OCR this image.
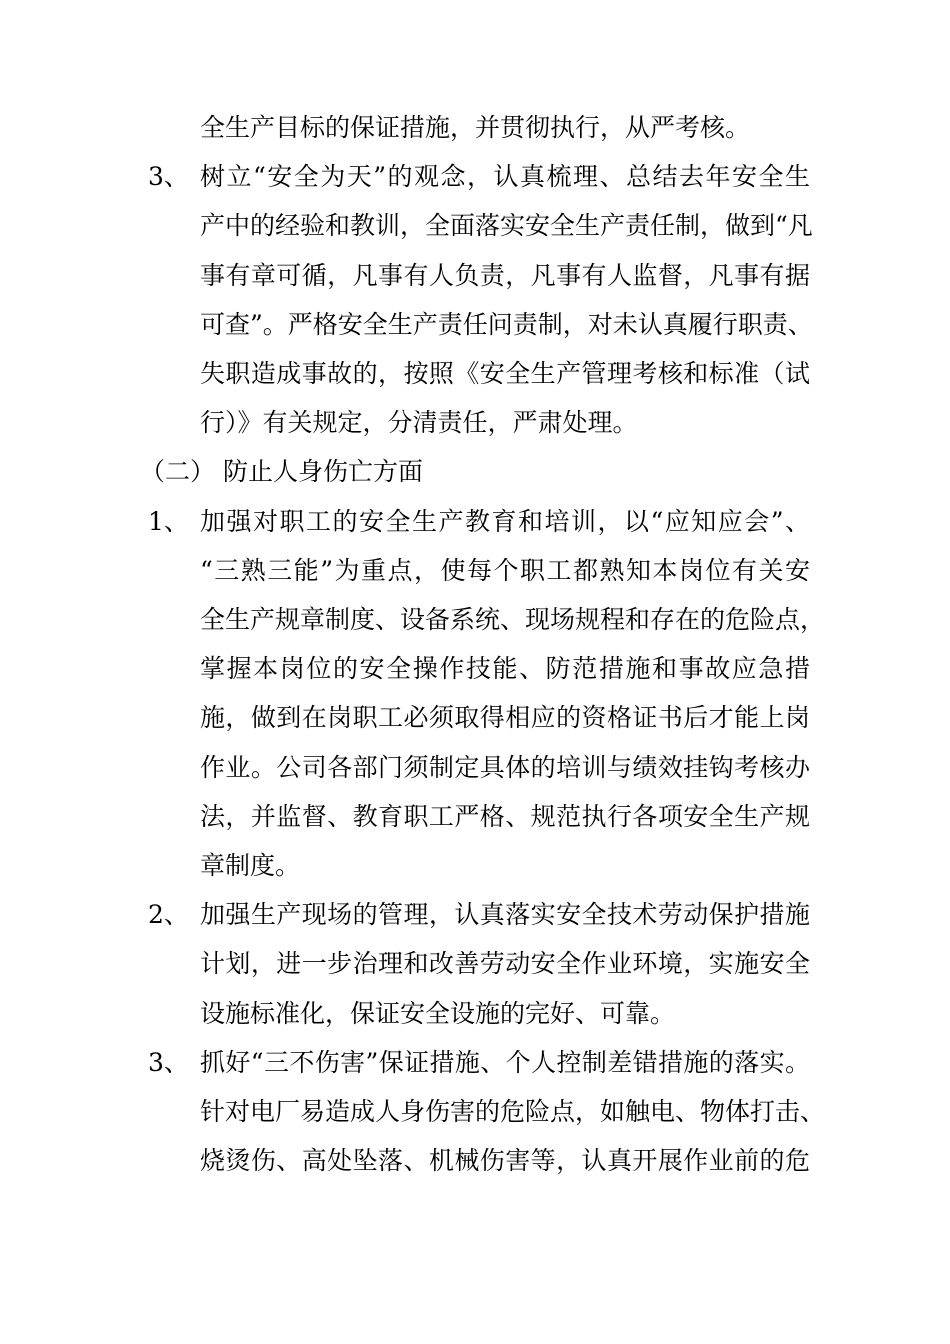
全生产目标的保证措施，并贯彻执行，从严考核。
3、 树立“安全为天”的观念，认真梳理、总结去年安全生
产中的经验和教训，全面落实安全生产责任制，做到“凡
事有章可循，凡事有人负责，凡事有人监督，凡事有据
可查”。严格安全生产责任问责制，对未认真履行职责、
失职造成事故的，按照《安全生产管理考核和标准（试
行）》有关规定，分清责任，严肃处理。
（二） 防止人身伤亡方面
1、 加强对职工的安全生产教育和培训，以“应知应会”、
“三熟三能”为重点，使每个职工都熟知本岗位有关安
全生产规章制度、设备系统、现场规程和存在的危险点，
掌握本岗位的安全操作技能、防范措施和事故应急措
施，做到在岗职工必须取得相应的资格证书后才能上岗
作业。公司各部门须制定具体的培训与绩效挂钩考核办
法，并监督、教育职工严格、规范执行各项安全生产规
章制度。
2、 加强生产现场的管理，认真落实安全技术劳动保护措施
计划，进一步治理和改善劳动安全作业环境，实施安全
设施标准化，保证安全设施的完好、可靠。
3、 抓好“三不伤害”保证措施、个人控制差错措施的落实。
针对电厂易造成人身伤害的危险点，如触电、物体打击、
烧烫伤、高处坠落、机械伤害等，认真开展作业前的危
